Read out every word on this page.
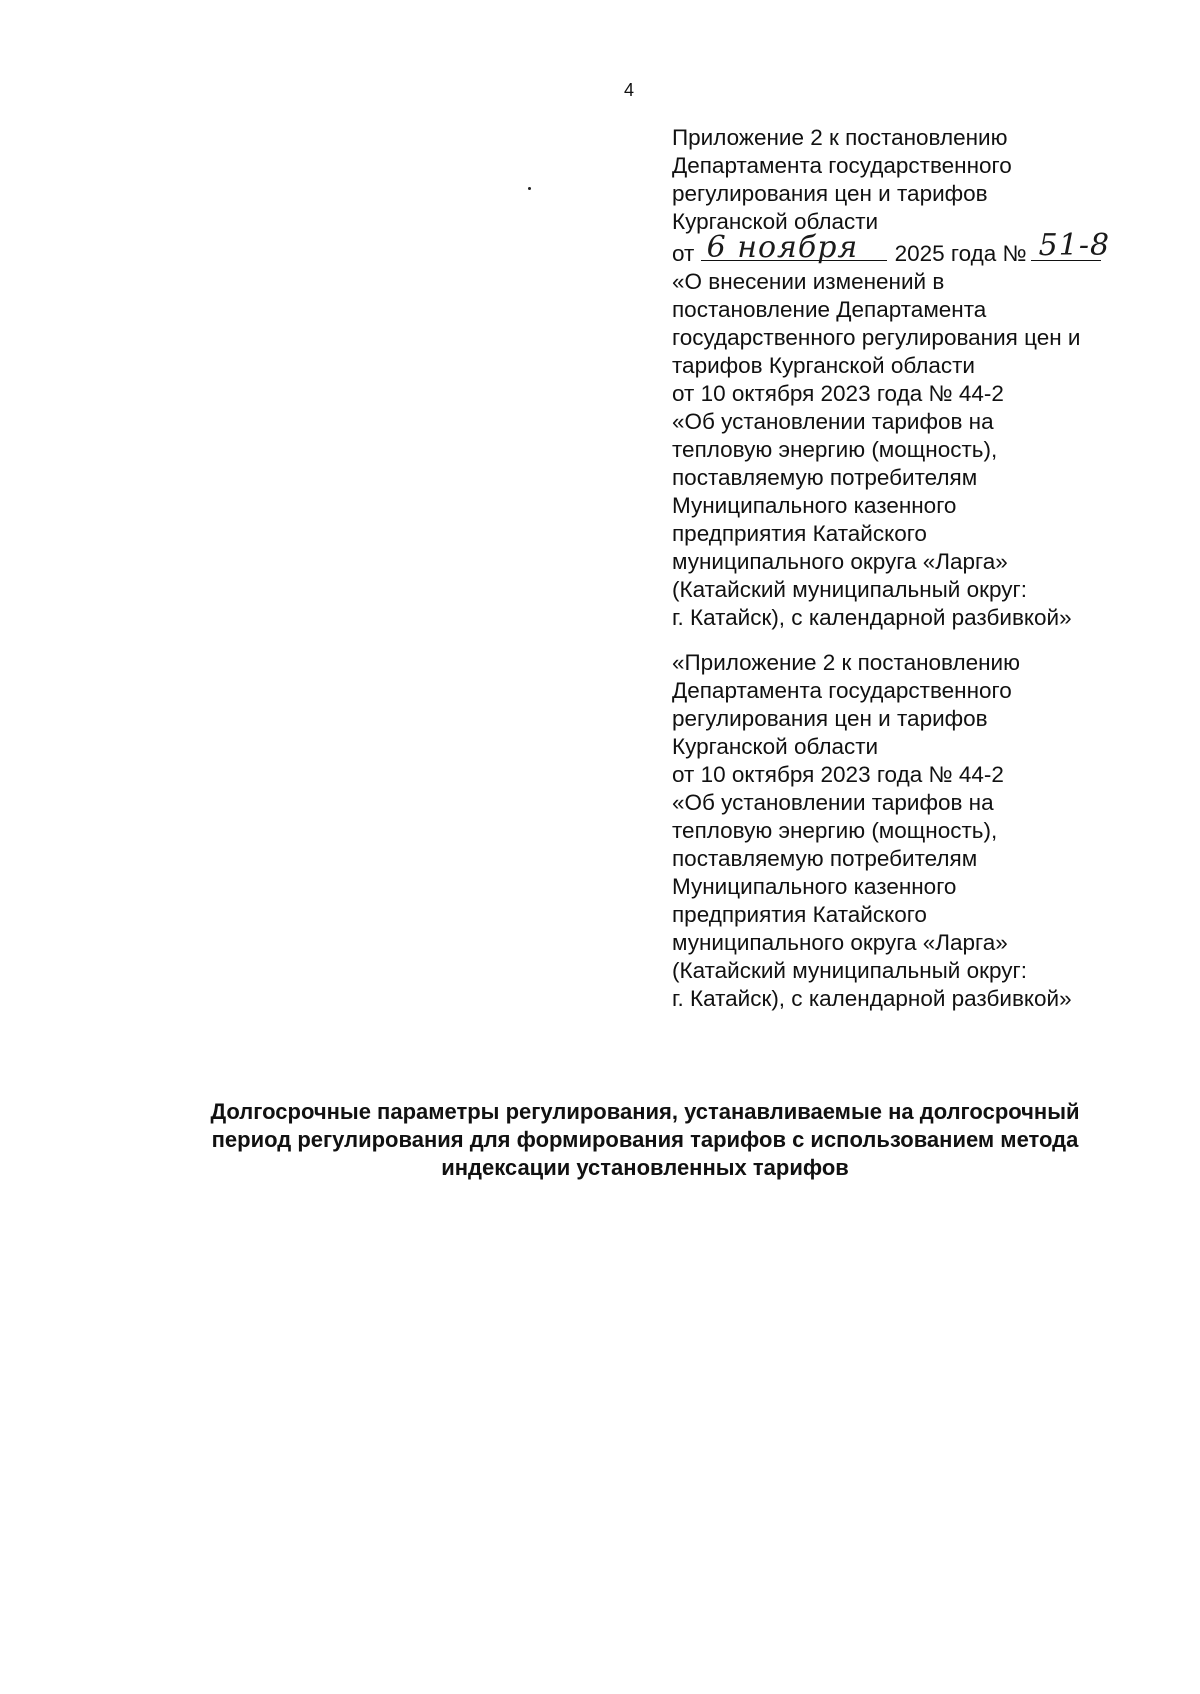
4
Приложение 2 к постановлению
Департамента государственного
регулирования цен и тарифов
Курганской области
от 6 ноября 2025 года № 51-8
«О внесении изменений в
постановление Департамента
государственного регулирования цен и
тарифов Курганской области
от 10 октября 2023 года № 44-2
«Об установлении тарифов на
тепловую энергию (мощность),
поставляемую потребителям
Муниципального казенного
предприятия Катайского
муниципального округа «Ларга»
(Катайский муниципальный округ:
г. Катайск), с календарной разбивкой»
«Приложение 2 к постановлению
Департамента государственного
регулирования цен и тарифов
Курганской области
от 10 октября 2023 года № 44-2
«Об установлении тарифов на
тепловую энергию (мощность),
поставляемую потребителям
Муниципального казенного
предприятия Катайского
муниципального округа «Ларга»
(Катайский муниципальный округ:
г. Катайск), с календарной разбивкой»
Долгосрочные параметры регулирования, устанавливаемые на долгосрочный
период регулирования для формирования тарифов с использованием метода
индексации установленных тарифов
